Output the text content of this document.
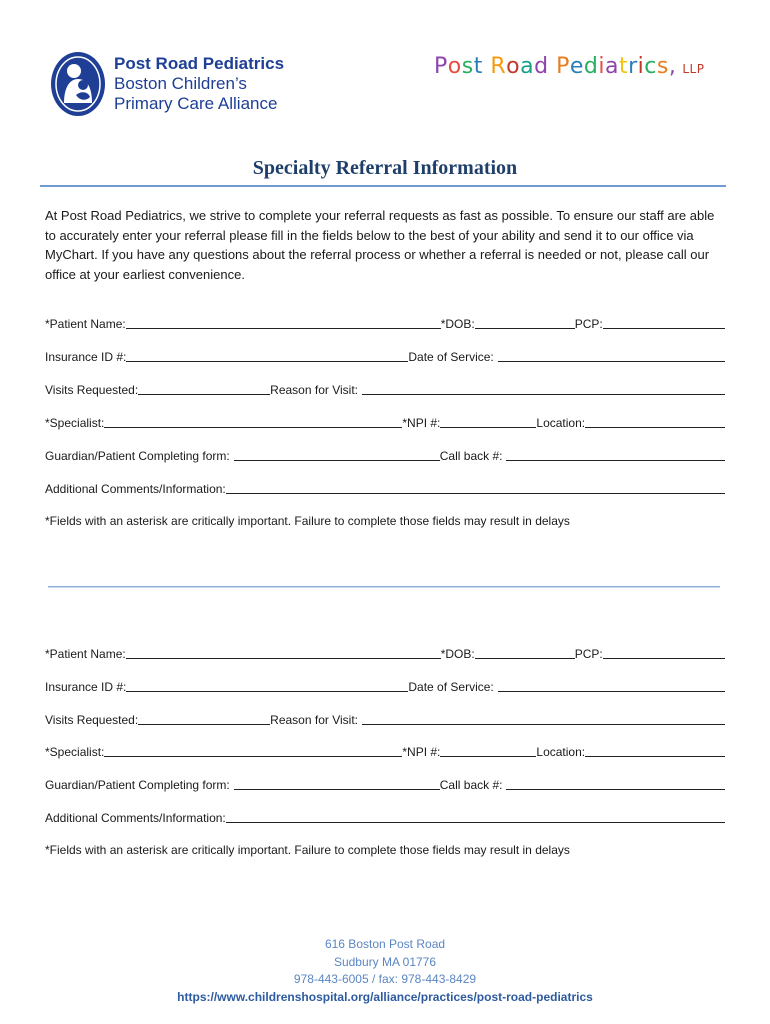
Post Road Pediatrics
Boston Children’s
Primary Care Alliance
Post Road Pediatrics, LLP
Specialty Referral Information
At Post Road Pediatrics, we strive to complete your referral requests as fast as possible. To ensure our staff are able to accurately enter your referral please fill in the fields below to the best of your ability and send it to our office via MyChart. If you have any questions about the referral process or whether a referral is needed or not, please call our office at your earliest convenience.
*Patient Name:	*DOB:	PCP:
Insurance ID #:	Date of Service:
Visits Requested:	Reason for Visit:
*Specialist:	*NPI #:	Location:
Guardian/Patient Completing form:	Call back #:
Additional Comments/Information:
*Fields with an asterisk are critically important. Failure to complete those fields may result in delays
*Patient Name:	*DOB:	PCP:
Insurance ID #:	Date of Service:
Visits Requested:	Reason for Visit:
*Specialist:	*NPI #:	Location:
Guardian/Patient Completing form:	Call back #:
Additional Comments/Information:
*Fields with an asterisk are critically important. Failure to complete those fields may result in delays
616 Boston Post Road
Sudbury MA 01776
978-443-6005 / fax: 978-443-8429
https://www.childrenshospital.org/alliance/practices/post-road-pediatrics
